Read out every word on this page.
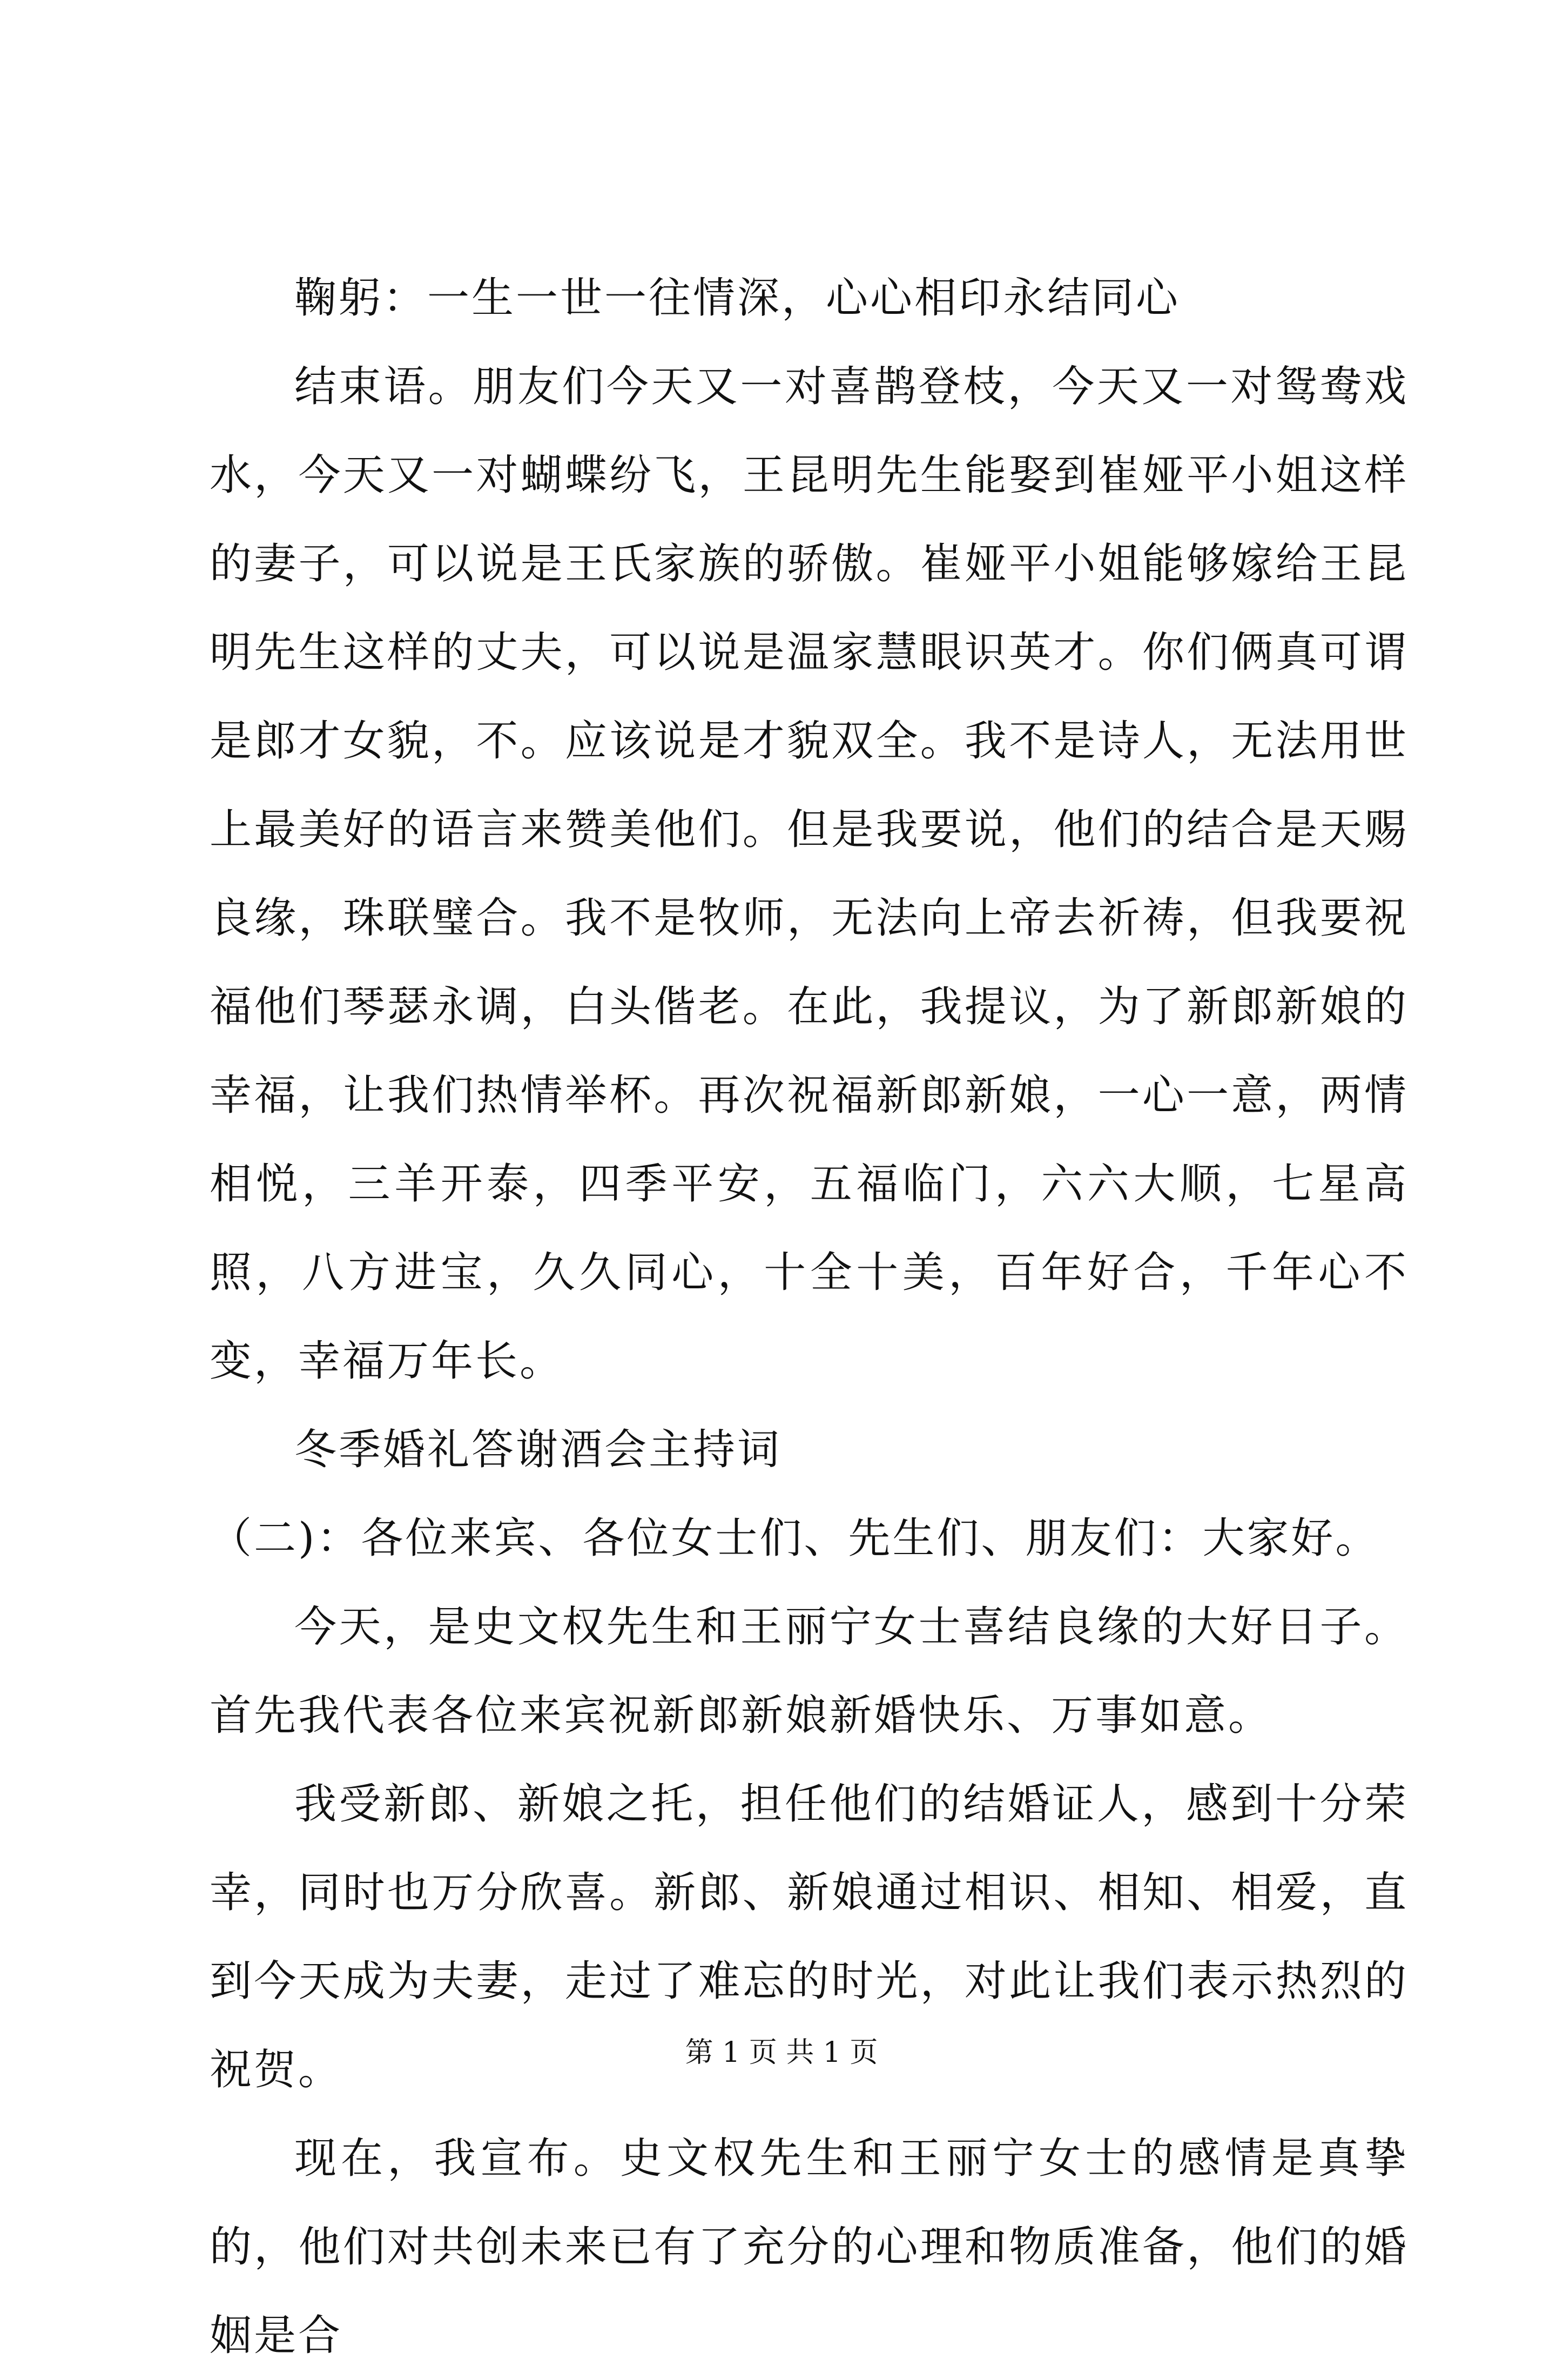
鞠躬：一生一世一往情深，心心相印永结同心

结束语。朋友们今天又一对喜鹊登枝，今天又一对鸳鸯戏水，今天又一对蝴蝶纷飞，王昆明先生能娶到崔娅平小姐这样的妻子，可以说是王氏家族的骄傲。崔娅平小姐能够嫁给王昆明先生这样的丈夫，可以说是温家慧眼识英才。你们俩真可谓是郎才女貌，不。应该说是才貌双全。我不是诗人，无法用世上最美好的语言来赞美他们。但是我要说，他们的结合是天赐良缘，珠联璧合。我不是牧师，无法向上帝去祈祷，但我要祝福他们琴瑟永调，白头偕老。在此，我提议，为了新郎新娘的幸福，让我们热情举杯。再次祝福新郎新娘，一心一意，两情相悦，三羊开泰，四季平安，五福临门，六六大顺，七星高照，八方进宝，久久同心，十全十美，百年好合，千年心不变，幸福万年长。

冬季婚礼答谢酒会主持词

（二)：各位来宾、各位女士们、先生们、朋友们：大家好。

今天，是史文权先生和王丽宁女士喜结良缘的大好日子。首先我代表各位来宾祝新郎新娘新婚快乐、万事如意。

我受新郎、新娘之托，担任他们的结婚证人，感到十分荣幸，同时也万分欣喜。新郎、新娘通过相识、相知、相爱，直到今天成为夫妻，走过了难忘的时光，对此让我们表示热烈的祝贺。

现在，我宣布。史文权先生和王丽宁女士的感情是真挚的，他们对共创未来已有了充分的心理和物质准备，他们的婚姻是合

第 1 页 共 1 页
